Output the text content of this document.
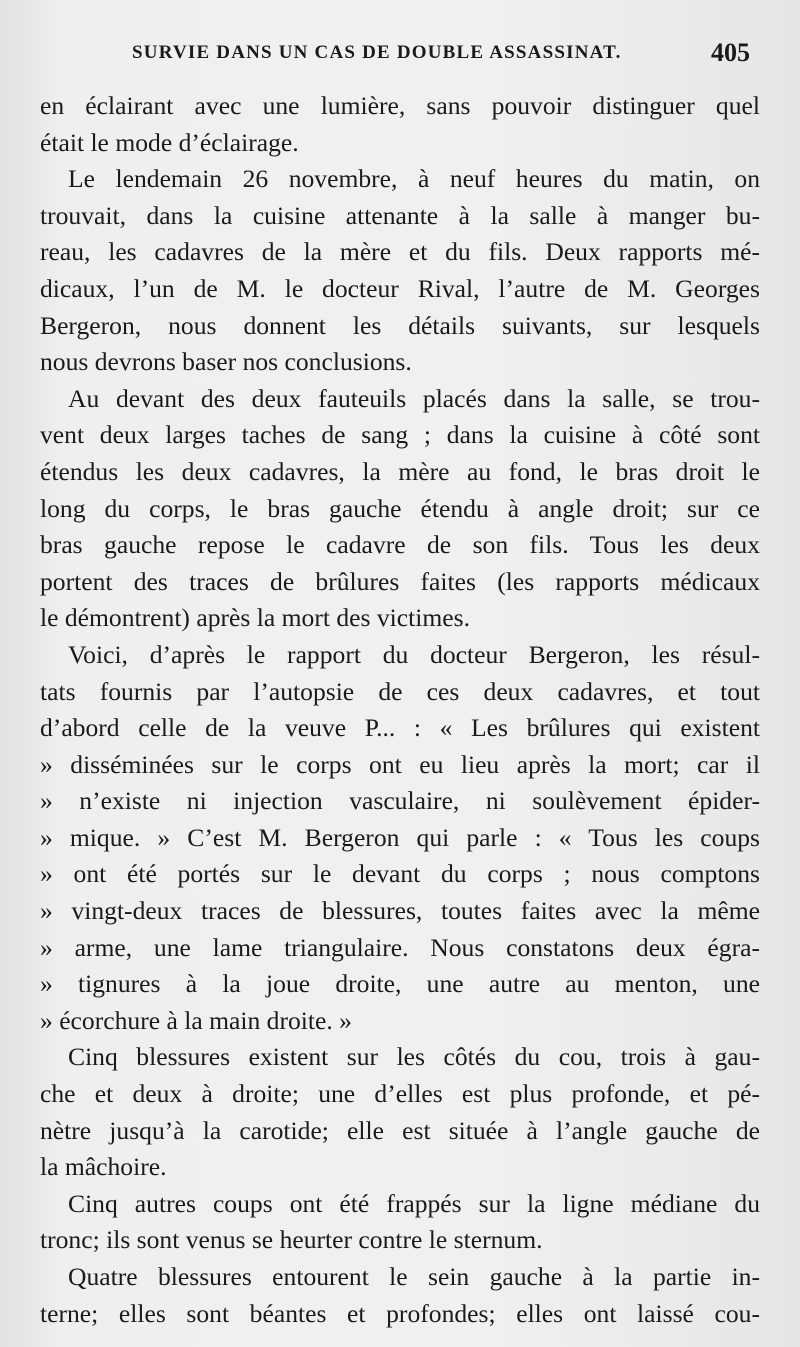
SURVIE DANS UN CAS DE DOUBLE ASSASSINAT.	405
en éclairant avec une lumière, sans pouvoir distinguer quel
était le mode d’éclairage.
Le lendemain 26 novembre, à neuf heures du matin, on
trouvait, dans la cuisine attenante à la salle à manger bu-
reau, les cadavres de la mère et du fils. Deux rapports mé-
dicaux, l’un de M. le docteur Rival, l’autre de M. Georges
Bergeron, nous donnent les détails suivants, sur lesquels
nous devrons baser nos conclusions.
Au devant des deux fauteuils placés dans la salle, se trou-
vent deux larges taches de sang ; dans la cuisine à côté sont
étendus les deux cadavres, la mère au fond, le bras droit le
long du corps, le bras gauche étendu à angle droit; sur ce
bras gauche repose le cadavre de son fils. Tous les deux
portent des traces de brûlures faites (les rapports médicaux
le démontrent) après la mort des victimes.
Voici, d’après le rapport du docteur Bergeron, les résul-
tats fournis par l’autopsie de ces deux cadavres, et tout
d’abord celle de la veuve P... : « Les brûlures qui existent
» disséminées sur le corps ont eu lieu après la mort; car il
» n’existe ni injection vasculaire, ni soulèvement épider-
» mique. » C’est M. Bergeron qui parle : « Tous les coups
» ont été portés sur le devant du corps ; nous comptons
» vingt-deux traces de blessures, toutes faites avec la même
» arme, une lame triangulaire. Nous constatons deux égra-
» tignures à la joue droite, une autre au menton, une
» écorchure à la main droite. »
Cinq blessures existent sur les côtés du cou, trois à gau-
che et deux à droite; une d’elles est plus profonde, et pé-
nètre jusqu’à la carotide; elle est située à l’angle gauche de
la mâchoire.
Cinq autres coups ont été frappés sur la ligne médiane du
tronc; ils sont venus se heurter contre le sternum.
Quatre blessures entourent le sein gauche à la partie in-
terne; elles sont béantes et profondes; elles ont laissé cou-
